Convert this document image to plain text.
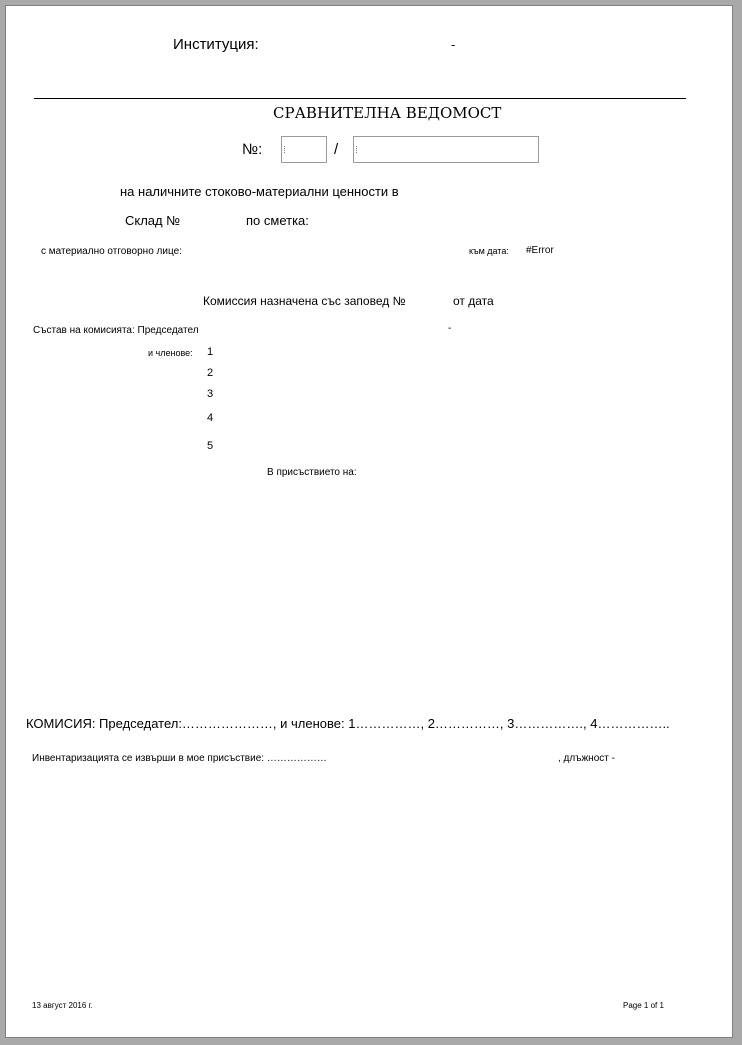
Институция:	-
СРАВНИТЕЛНА ВЕДОМОСТ
№:	/
на наличните стоково-материални ценности в
Склад №	по сметка:
с материално отговорно лице:	към дата: #Error
Комиссия назначена със заповед №	от дата
Състав на комисията: Председател	-
и членове: 1
2
3
4
5
В присъствието на:
КОМИСИЯ: Председател:…………………, и членове: 1……………, 2……………, 3……………., 4……………..
Инвентаризацията се извърши в мое присъствие: ………………	, длъжност -
13 август 2016 г.	Page 1 of 1
